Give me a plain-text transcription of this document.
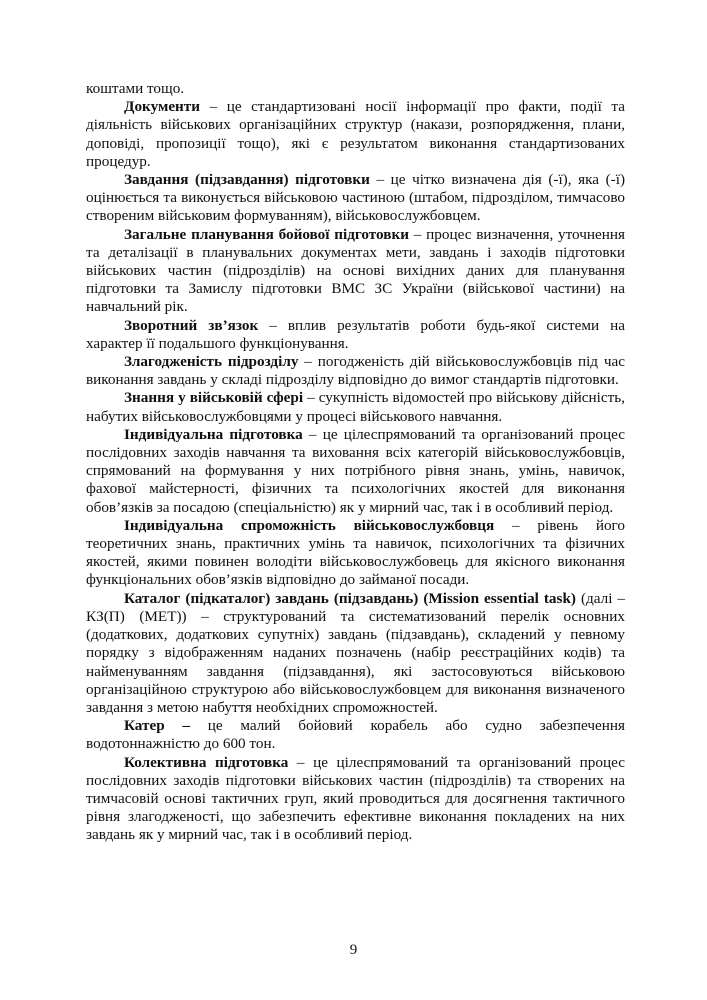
коштами тощо.

Документи – це стандартизовані носії інформації про факти, події та діяльність військових організаційних структур (накази, розпорядження, плани, доповіді, пропозиції тощо), які є результатом виконання стандартизованих процедур.

Завдання (підзавдання) підготовки – це чітко визначена дія (-ї), яка (-ї) оцінюється та виконується військовою частиною (штабом, підрозділом, тимчасово створеним військовим формуванням), військовослужбовцем.

Загальне планування бойової підготовки – процес визначення, уточнення та деталізації в планувальних документах мети, завдань і заходів підготовки військових частин (підрозділів) на основі вихідних даних для планування підготовки та Замислу підготовки ВМС ЗС України (військової частини) на навчальний рік.

Зворотний зв’язок – вплив результатів роботи будь-якої системи на характер її подальшого функціонування.

Злагодженість підрозділу – погодженість дій військовослужбовців під час виконання завдань у складі підрозділу відповідно до вимог стандартів підготовки.

Знання у військовій сфері – сукупність відомостей про військову дійсність, набутих військовослужбовцями у процесі військового навчання.

Індивідуальна підготовка – це цілеспрямований та організований процес послідовних заходів навчання та виховання всіх категорій військовослужбовців, спрямований на формування у них потрібного рівня знань, умінь, навичок, фахової майстерності, фізичних та психологічних якостей для виконання обов’язків за посадою (спеціальністю) як у мирний час, так і в особливий період.

Індивідуальна спроможність військовослужбовця – рівень його теоретичних знань, практичних умінь та навичок, психологічних та фізичних якостей, якими повинен володіти військовослужбовець для якісного виконання функціональних обов’язків відповідно до займаної посади.

Каталог (підкаталог) завдань (підзавдань) (Mission essential task) (далі – КЗ(П) (МЕТ)) – структурований та систематизований перелік основних (додаткових, додаткових супутніх) завдань (підзавдань), складений у певному порядку з відображенням наданих позначень (набір реєстраційних кодів) та найменуванням завдання (підзавдання), які застосовуються військовою організаційною структурою або військовослужбовцем для виконання визначеного завдання з метою набуття необхідних спроможностей.

Катер – це малий бойовий корабель або судно забезпечення водотоннажністю до 600 тон.

Колективна підготовка – це цілеспрямований та організований процес послідовних заходів підготовки військових частин (підрозділів) та створених на тимчасовій основі тактичних груп, який проводиться для досягнення тактичного рівня злагодженості, що забезпечить ефективне виконання покладених на них завдань як у мирний час, так і в особливий період.

9
